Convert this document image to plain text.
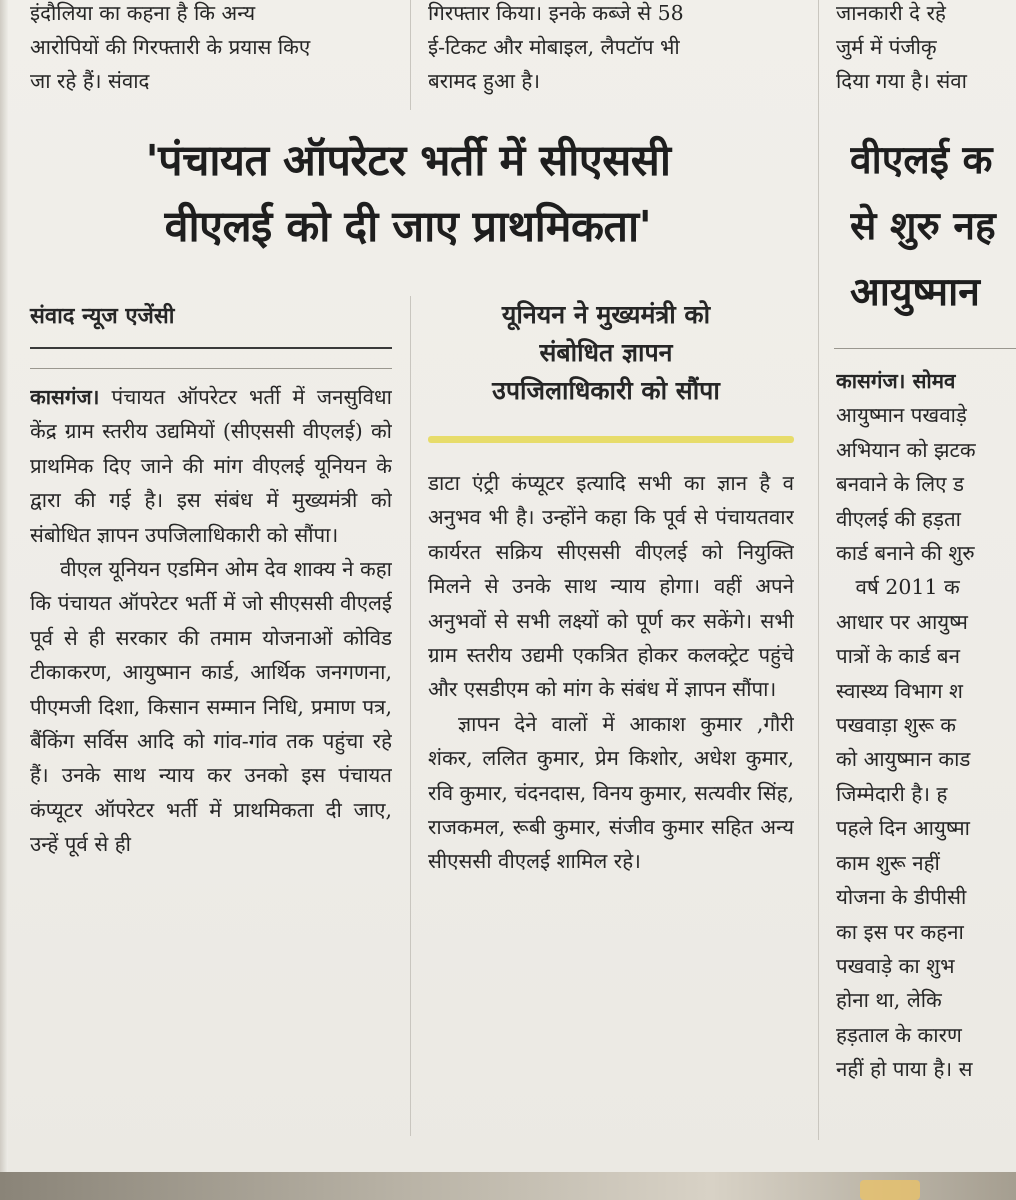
इंदौलिया का कहना है कि अन्य
आरोपियों की गिरफ्तारी के प्रयास किए
जा रहे हैं। संवाद
गिरफ्तार किया। इनके कब्जे से 58
ई-टिकट और मोबाइल, लैपटॉप भी
बरामद हुआ है।
जानकारी दे रहे
जुर्म में पंजीकृ
दिया गया है। संवा
'पंचायत ऑपरेटर भर्ती में सीएससी
वीएलई को दी जाए प्राथमिकता'
वीएलई क
से शुरु नह
आयुष्मान

संवाद न्यूज एजेंसी	यूनियन ने मुख्यमंत्री को
संबोधित ज्ञापन
उपजिलाधिकारी को सौंपा

कासगंज। पंचायत ऑपरेटर भर्ती में जनसुविधा केंद्र ग्राम स्तरीय उद्यमियों (सीएससी वीएलई) को प्राथमिक दिए जाने की मांग वीएलई यूनियन के द्वारा की गई है। इस संबंध में मुख्यमंत्री को संबोधित ज्ञापन उपजिलाधिकारी को सौंपा।

वीएल यूनियन एडमिन ओम देव शाक्य ने कहा कि पंचायत ऑपरेटर भर्ती में जो सीएससी वीएलई पूर्व से ही सरकार की तमाम योजनाओं कोविड टीकाकरण, आयुष्मान कार्ड, आर्थिक जनगणना, पीएमजी दिशा, किसान सम्मान निधि, प्रमाण पत्र, बैंकिंग सर्विस आदि को गांव-गांव तक पहुंचा रहे हैं। उनके साथ न्याय कर उनको इस पंचायत कंप्यूटर ऑपरेटर भर्ती में प्राथमिकता दी जाए, उन्हें पूर्व से ही

डाटा एंट्री कंप्यूटर इत्यादि सभी का ज्ञान है व अनुभव भी है। उन्होंने कहा कि पूर्व से पंचायतवार कार्यरत सक्रिय सीएससी वीएलई को नियुक्ति मिलने से उनके साथ न्याय होगा। वहीं अपने अनुभवों से सभी लक्ष्यों को पूर्ण कर सकेंगे। सभी ग्राम स्तरीय उद्यमी एकत्रित होकर कलक्ट्रेट पहुंचे और एसडीएम को मांग के संबंध में ज्ञापन सौंपा।

ज्ञापन देने वालों में आकाश कुमार ,गौरी शंकर, ललित कुमार, प्रेम किशोर, अधेश कुमार, रवि कुमार, चंदनदास, विनय कुमार, सत्यवीर सिंह, राजकमल, रूबी कुमार, संजीव कुमार सहित अन्य सीएससी वीएलई शामिल रहे।

कासगंज। सोमव
आयुष्मान पखवाड़े
अभियान को झटक
बनवाने के लिए ड
वीएलई की हड़ता
कार्ड बनाने की शुरु
वर्ष 2011 क
आधार पर आयुष्म
पात्रों के कार्ड बन
स्वास्थ्य विभाग श
पखवाड़ा शुरू क
को आयुष्मान काड
जिम्मेदारी है। ह
पहले दिन आयुष्मा
काम शुरू नहीं
योजना के डीपीसी
का इस पर कहना
पखवाड़े का शुभ
होना था, लेकि
हड़ताल के कारण
नहीं हो पाया है। स
